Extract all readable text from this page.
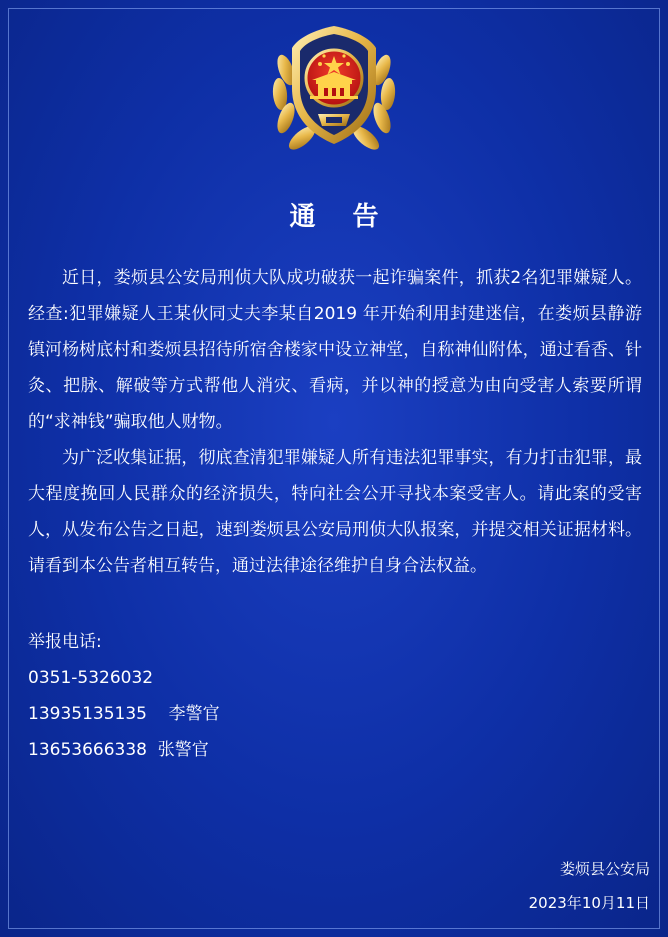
通 告

近日，娄烦县公安局刑侦大队成功破获一起诈骗案件，抓获2名犯罪嫌疑人。经查:犯罪嫌疑人王某伙同丈夫李某自2019 年开始利用封建迷信，在娄烦县静游镇河杨树底村和娄烦县招待所宿舍楼家中设立神堂，自称神仙附体，通过看香、针灸、把脉、解破等方式帮他人消灾、看病，并以神的授意为由向受害人索要所谓的“求神钱”骗取他人财物。

为广泛收集证据，彻底查清犯罪嫌疑人所有违法犯罪事实，有力打击犯罪，最大程度挽回人民群众的经济损失，特向社会公开寻找本案受害人。请此案的受害人，从发布公告之日起，速到娄烦县公安局刑侦大队报案，并提交相关证据材料。请看到本公告者相互转告，通过法律途径维护自身合法权益。

举报电话:
0351-5326032
13935135135    李警官
13653666338  张警官
娄烦县公安局
2023年10月11日
